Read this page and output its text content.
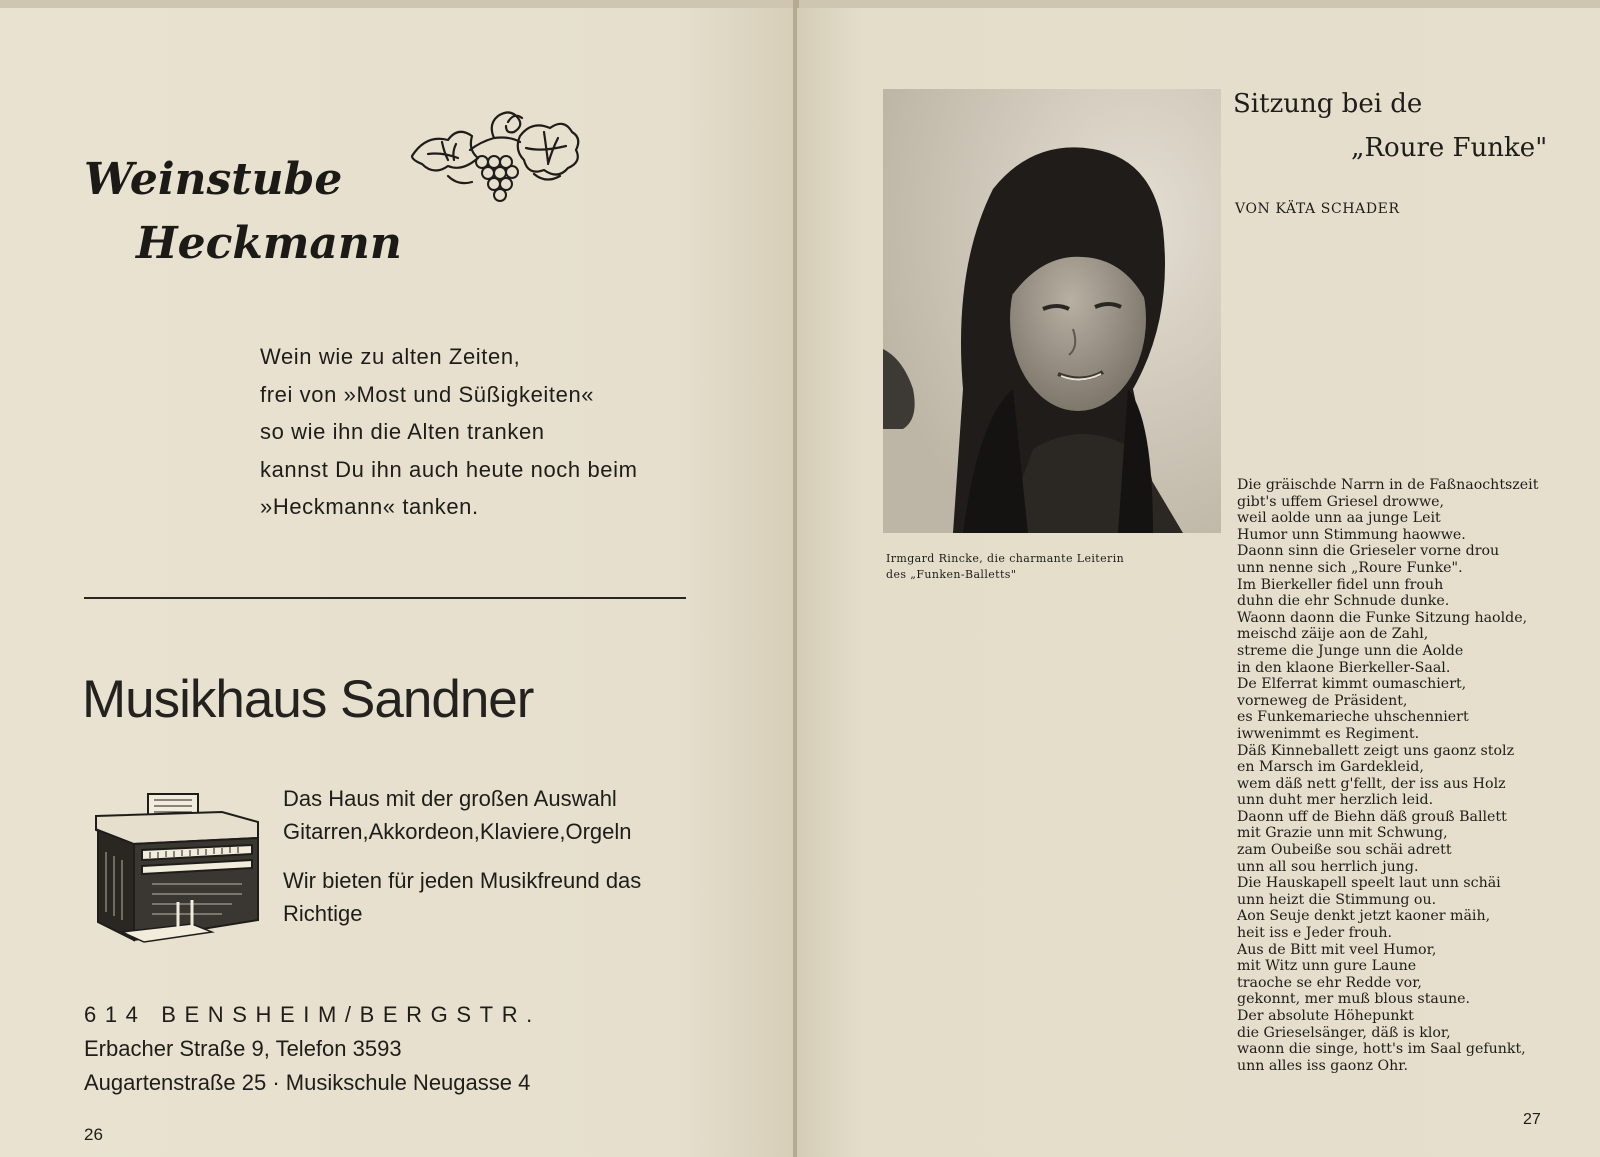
Weinstube
Heckmann
Wein wie zu alten Zeiten,
frei von »Most und Süßigkeiten«
so wie ihn die Alten tranken
kannst Du ihn auch heute noch beim
»Heckmann« tanken.
Musikhaus Sandner

Das Haus mit der großen Auswahl
Gitarren,Akkordeon,Klaviere,Orgeln

Wir bieten für jeden Musikfreund das
Richtige

614 BENSHEIM/BERGSTR.
Erbacher Straße 9, Telefon 3593
Augartenstraße 25 · Musikschule Neugasse 4
26
Irmgard Rincke, die charmante Leiterin
des „Funken-Balletts"
Sitzung bei de
„Roure Funke"
VON KÄTA SCHADER
Die gräischde Narrn in de Faßnaochtszeit
gibt's uffem Griesel drowwe,
weil aolde unn aa junge Leit
Humor unn Stimmung haowwe.
Daonn sinn die Grieseler vorne drou
unn nenne sich „Roure Funke".
Im Bierkeller fidel unn frouh
duhn die ehr Schnude dunke.
Waonn daonn die Funke Sitzung haolde,
meischd zäije aon de Zahl,
streme die Junge unn die Aolde
in den klaone Bierkeller-Saal.
De Elferrat kimmt oumaschiert,
vorneweg de Präsident,
es Funkemarieche uhschenniert
iwwenimmt es Regiment.
Däß Kinneballett zeigt uns gaonz stolz
en Marsch im Gardekleid,
wem däß nett g'fellt, der iss aus Holz
unn duht mer herzlich leid.
Daonn uff de Biehn däß grouß Ballett
mit Grazie unn mit Schwung,
zam Oubeiße sou schäi adrett
unn all sou herrlich jung.
Die Hauskapell speelt laut unn schäi
unn heizt die Stimmung ou.
Aon Seuje denkt jetzt kaoner mäih,
heit iss e Jeder frouh.
Aus de Bitt mit veel Humor,
mit Witz unn gure Laune
traoche se ehr Redde vor,
gekonnt, mer muß blous staune.
Der absolute Höhepunkt
die Grieselsänger, däß is klor,
waonn die singe, hott's im Saal gefunkt,
unn alles iss gaonz Ohr.
27
